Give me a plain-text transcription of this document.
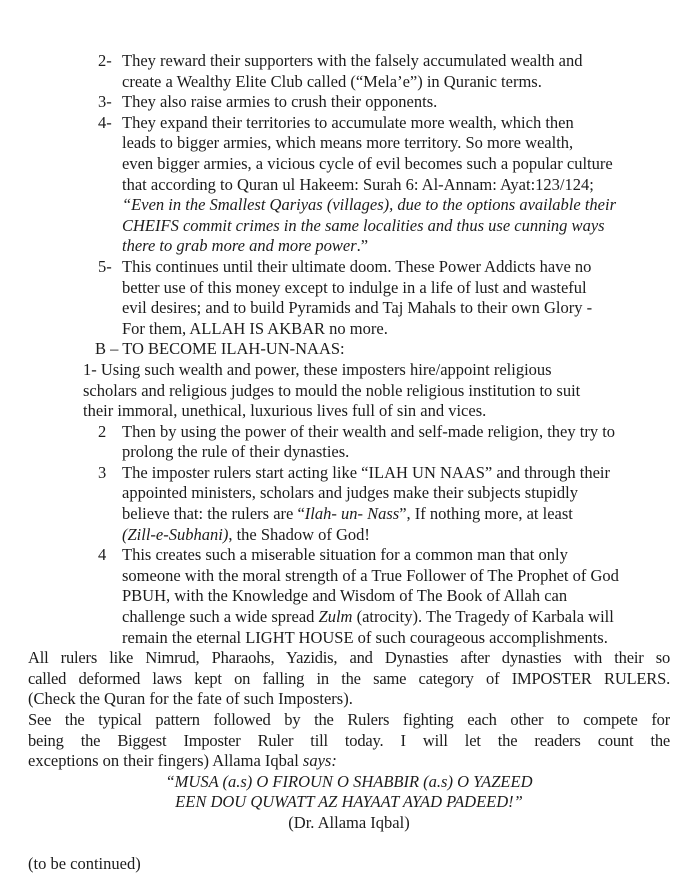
2- They reward their supporters with the falsely accumulated wealth and
create a Wealthy Elite Club called (“Mela’e”) in Quranic terms.
3- They also raise armies to crush their opponents.
4- They expand their territories to accumulate more wealth, which then
leads to bigger armies, which means more territory. So more wealth,
even bigger armies, a vicious cycle of evil becomes such a popular culture
that according to Quran ul Hakeem: Surah 6: Al-Annam: Ayat:123/124;
“Even in the Smallest Qariyas (villages), due to the options available their
CHEIFS commit crimes in the same localities and thus use cunning ways
there to grab more and more power.”
5- This continues until their ultimate doom. These Power Addicts have no
better use of this money except to indulge in a life of lust and wasteful
evil desires; and to build Pyramids and Taj Mahals to their own Glory -
For them, ALLAH IS AKBAR no more.
B – TO BECOME ILAH-UN-NAAS:
1- Using such wealth and power, these imposters hire/appoint religious
scholars and religious judges to mould the noble religious institution to suit
their immoral, unethical, luxurious lives full of sin and vices.
2 Then by using the power of their wealth and self-made religion, they try to
prolong the rule of their dynasties.
3 The imposter rulers start acting like “ILAH UN NAAS” and through their
appointed ministers, scholars and judges make their subjects stupidly
believe that: the rulers are “Ilah- un- Nass”, If nothing more, at least
(Zill-e-Subhani), the Shadow of God!
4 This creates such a miserable situation for a common man that only
someone with the moral strength of a True Follower of The Prophet of God
PBUH, with the Knowledge and Wisdom of The Book of Allah can
challenge such a wide spread Zulm (atrocity). The Tragedy of Karbala will
remain the eternal LIGHT HOUSE of such courageous accomplishments.
All rulers like Nimrud, Pharaohs, Yazidis, and Dynasties after dynasties with their so
called deformed laws kept on falling in the same category of IMPOSTER RULERS.
(Check the Quran for the fate of such Imposters).
See the typical pattern followed by the Rulers fighting each other to compete for
being the Biggest Imposter Ruler till today. I will let the readers count the
exceptions on their fingers) Allama Iqbal says:
“MUSA (a.s) O FIROUN O SHABBIR (a.s) O YAZEED
EEN DOU QUWATT AZ HAYAAT AYAD PADEED!”
(Dr. Allama Iqbal)

(to be continued)
